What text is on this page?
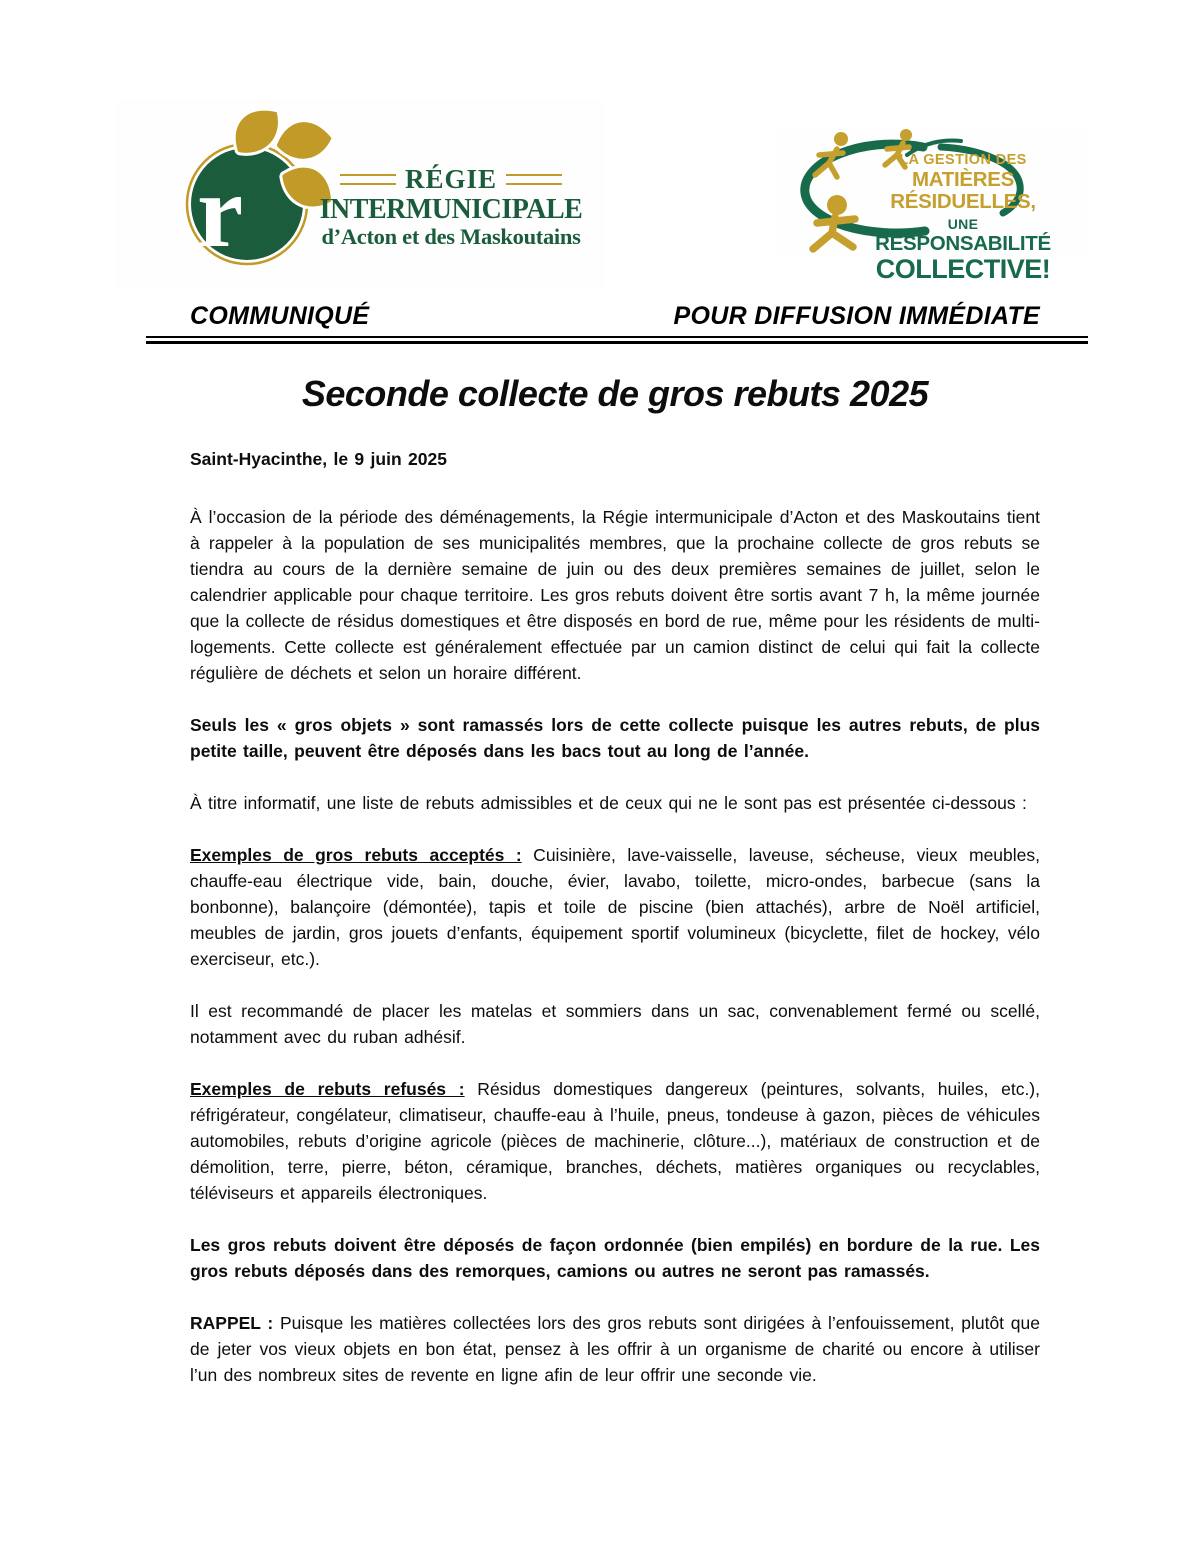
r	RÉGIE
INTERMUNICIPALE
d’Acton et des Maskoutains
LA GESTION DES
MATIÈRES RÉSIDUELLES,
UNE RESPONSABILITÉ
COLLECTIVE!
COMMUNIQUÉ	POUR DIFFUSION IMMÉDIATE
Seconde collecte de gros rebuts 2025

Saint-Hyacinthe, le 9 juin 2025

À l’occasion de la période des déménagements, la Régie intermunicipale d’Acton et des Maskoutains tient à rappeler à la population de ses municipalités membres, que la prochaine collecte de gros rebuts se tiendra au cours de la dernière semaine de juin ou des deux premières semaines de juillet, selon le calendrier applicable pour chaque territoire. Les gros rebuts doivent être sortis avant 7 h, la même journée que la collecte de résidus domestiques et être disposés en bord de rue, même pour les résidents de multi-logements. Cette collecte est généralement effectuée par un camion distinct de celui qui fait la collecte régulière de déchets et selon un horaire différent.

Seuls les « gros objets » sont ramassés lors de cette collecte puisque les autres rebuts, de plus petite taille, peuvent être déposés dans les bacs tout au long de l’année.

À titre informatif, une liste de rebuts admissibles et de ceux qui ne le sont pas est présentée ci-dessous :

Exemples de gros rebuts acceptés : Cuisinière, lave-vaisselle, laveuse, sécheuse, vieux meubles, chauffe-eau électrique vide, bain, douche, évier, lavabo, toilette, micro-ondes, barbecue (sans la bonbonne), balançoire (démontée), tapis et toile de piscine (bien attachés), arbre de Noël artificiel, meubles de jardin, gros jouets d’enfants, équipement sportif volumineux (bicyclette, filet de hockey, vélo exerciseur, etc.).

Il est recommandé de placer les matelas et sommiers dans un sac, convenablement fermé ou scellé, notamment avec du ruban adhésif.

Exemples de rebuts refusés : Résidus domestiques dangereux (peintures, solvants, huiles, etc.), réfrigérateur, congélateur, climatiseur, chauffe-eau à l’huile, pneus, tondeuse à gazon, pièces de véhicules automobiles, rebuts d’origine agricole (pièces de machinerie, clôture...), matériaux de construction et de démolition, terre, pierre, béton, céramique, branches, déchets, matières organiques ou recyclables, téléviseurs et appareils électroniques.

Les gros rebuts doivent être déposés de façon ordonnée (bien empilés) en bordure de la rue. Les gros rebuts déposés dans des remorques, camions ou autres ne seront pas ramassés.

RAPPEL : Puisque les matières collectées lors des gros rebuts sont dirigées à l’enfouissement, plutôt que de jeter vos vieux objets en bon état, pensez à les offrir à un organisme de charité ou encore à utiliser l’un des nombreux sites de revente en ligne afin de leur offrir une seconde vie.
